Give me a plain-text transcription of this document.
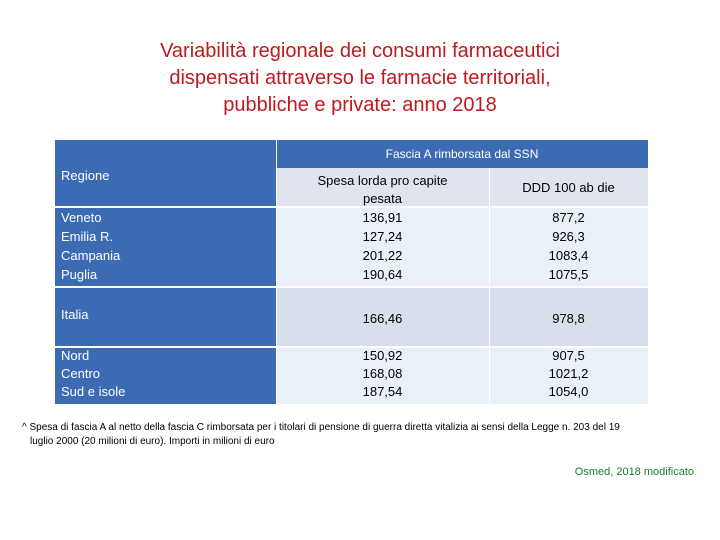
Variabilità regionale dei consumi farmaceutici
dispensati attraverso le farmacie territoriali,
pubbliche e private: anno 2018
Regione
Fascia A rimborsata dal SSN
Spesa lorda pro capite
pesata
DDD 100 ab die
Veneto
Emilia R.
Campania
Puglia
136,91
127,24
201,22
190,64
877,2
926,3
1083,4
1075,5
Italia	166,46	978,8
Nord
Centro
Sud e isole
150,92
168,08
187,54
907,5
1021,2
1054,0
^ Spesa di fascia A al netto della fascia C rimborsata per i titolari di pensione di guerra diretta vitalizia ai sensi della Legge n. 203 del 19
luglio 2000 (20 milioni di euro). Importi in milioni di euro
Osmed, 2018 modificato
